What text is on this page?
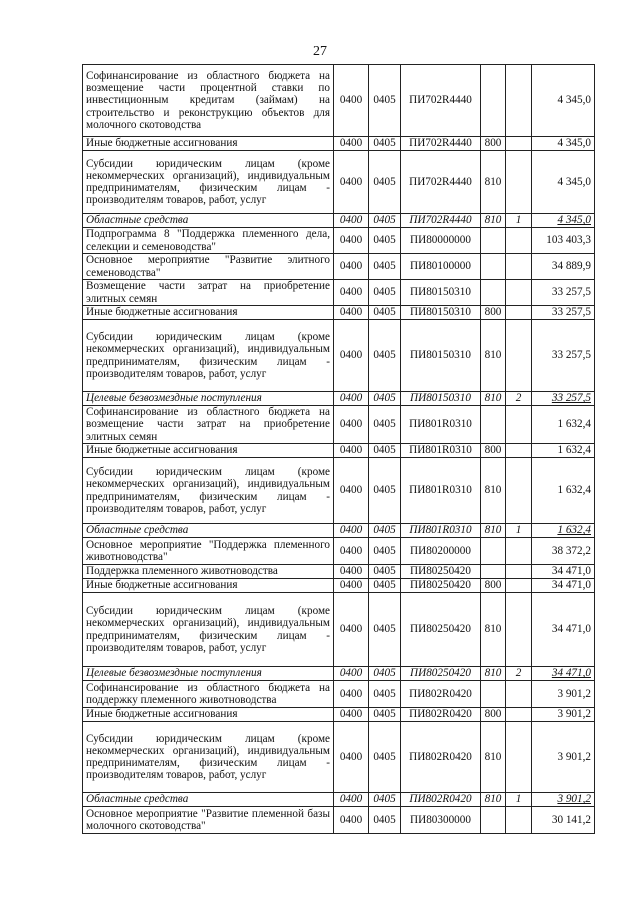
27
Софинансирование из областного бюджета на возмещение части процентной ставки по инвестиционным кредитам (займам) на строительство и реконструкцию объектов для молочного скотоводства	0400	0405	ПИ702R4440			4 345,0
Иные бюджетные ассигнования	0400	0405	ПИ702R4440	800		4 345,0
Субсидии юридическим лицам (кроме некоммерческих организаций), индивидуальным предпринимателям, физическим лицам - производителям товаров, работ, услуг	0400	0405	ПИ702R4440	810		4 345,0
Областные средства	0400	0405	ПИ702R4440	810	1	4 345,0
Подпрограмма 8 "Поддержка племенного дела, селекции и семеноводства"	0400	0405	ПИ80000000			103 403,3
Основное мероприятие "Развитие элитного семеноводства"	0400	0405	ПИ80100000			34 889,9
Возмещение части затрат на приобретение элитных семян	0400	0405	ПИ80150310			33 257,5
Иные бюджетные ассигнования	0400	0405	ПИ80150310	800		33 257,5
Субсидии юридическим лицам (кроме некоммерческих организаций), индивидуальным предпринимателям, физическим лицам - производителям товаров, работ, услуг	0400	0405	ПИ80150310	810		33 257,5
Целевые безвозмездные поступления	0400	0405	ПИ80150310	810	2	33 257,5
Софинансирование из областного бюджета на возмещение части затрат на приобретение элитных семян	0400	0405	ПИ801R0310			1 632,4
Иные бюджетные ассигнования	0400	0405	ПИ801R0310	800		1 632,4
Субсидии юридическим лицам (кроме некоммерческих организаций), индивидуальным предпринимателям, физическим лицам - производителям товаров, работ, услуг	0400	0405	ПИ801R0310	810		1 632,4
Областные средства	0400	0405	ПИ801R0310	810	1	1 632,4
Основное мероприятие "Поддержка племенного животноводства"	0400	0405	ПИ80200000			38 372,2
Поддержка племенного животноводства	0400	0405	ПИ80250420			34 471,0
Иные бюджетные ассигнования	0400	0405	ПИ80250420	800		34 471,0
Субсидии юридическим лицам (кроме некоммерческих организаций), индивидуальным предпринимателям, физическим лицам - производителям товаров, работ, услуг	0400	0405	ПИ80250420	810		34 471,0
Целевые безвозмездные поступления	0400	0405	ПИ80250420	810	2	34 471,0
Софинансирование из областного бюджета на поддержку племенного животноводства	0400	0405	ПИ802R0420			3 901,2
Иные бюджетные ассигнования	0400	0405	ПИ802R0420	800		3 901,2
Субсидии юридическим лицам (кроме некоммерческих организаций), индивидуальным предпринимателям, физическим лицам - производителям товаров, работ, услуг	0400	0405	ПИ802R0420	810		3 901,2
Областные средства	0400	0405	ПИ802R0420	810	1	3 901,2
Основное мероприятие "Развитие племенной базы молочного скотоводства"	0400	0405	ПИ80300000			30 141,2
